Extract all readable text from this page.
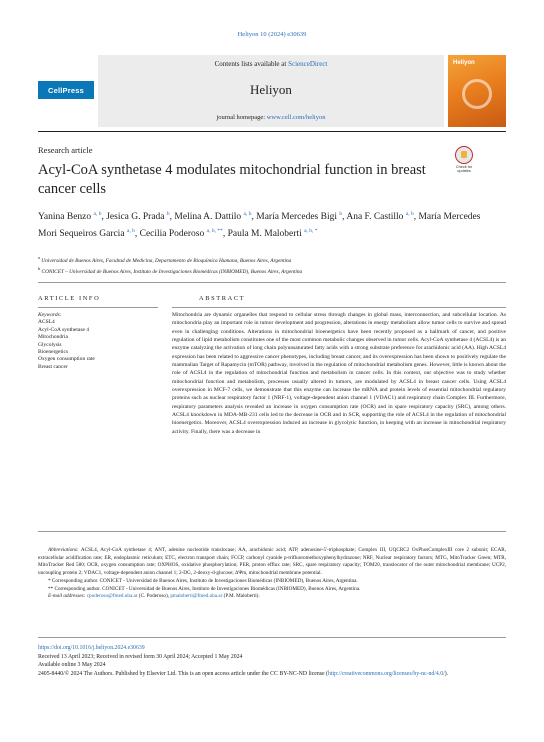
Heliyon 10 (2024) e30639
CellPress
Contents lists available at ScienceDirect
Heliyon
journal homepage: www.cell.com/heliyon
Heliyon
Research article
Acyl-CoA synthetase 4 modulates mitochondrial function in breast cancer cells
Check for updates
Yanina Benzo $^{a, b}$, Jesica G. Prada $^b$, Melina A. Dattilo $^{a, b}$, María Mercedes Bigi $^b$, Ana F. Castillo $^{a, b}$, María Mercedes Mori Sequeiros Garcia $^{a, b}$, Cecilia Poderoso $^{a, b, **}$, Paula M. Maloberti $^{a, b, *}$
$^a$ Universidad de Buenos Aires, Facultad de Medicina, Departamento de Bioquímica Humana, Buenos Aires, Argentina
$^b$ CONICET – Universidad de Buenos Aires, Instituto de Investigaciones Biomédicas (INBIOMED), Buenos Aires, Argentina
ARTICLE INFO	ABSTRACT
Keywords:
ACSL4
Acyl-CoA synthetase 4
Mitochondria
Glycolysis
Bioenergetics
Oxygen consumption rate
Breast cancer
Mitochondria are dynamic organelles that respond to cellular stress through changes in global mass, interconnection, and subcellular location. As mitochondria play an important role in tumor development and progression, alterations in energy metabolism allow tumor cells to survive and spread even in challenging conditions. Alterations in mitochondrial bioenergetics have been recently proposed as a hallmark of cancer, and positive regulation of lipid metabolism constitutes one of the most common metabolic changes observed in tumor cells. Acyl-CoA synthetase 4 (ACSL4) is an enzyme catalyzing the activation of long chain polyunsaturated fatty acids with a strong substrate preference for arachidonic acid (AA). High ACSL4 expression has been related to aggressive cancer phenotypes, including breast cancer, and its overexpression has been shown to positively regulate the mammalian Target of Rapamycin (mTOR) pathway, involved in the regulation of mitochondrial metabolism genes. However, little is known about the role of ACSL4 in the regulation of mitochondrial function and metabolism in cancer cells. In this context, our objective was to study whether mitochondrial function and metabolism, processes usually altered in tumors, are modulated by ACSL4 in breast cancer cells. Using ACSL4 overexpression in MCF-7 cells, we demonstrate that this enzyme can increase the mRNA and protein levels of essential mitochondrial regulatory proteins such as nuclear respiratory factor 1 (NRF-1), voltage-dependent anion channel 1 (VDAC1) and respiratory chain Complex III. Furthermore, respiratory parameters analysis revealed an increase in oxygen consumption rate (OCR) and in spare respiratory capacity (SRC), among others. ACSL4 knockdown in MDA-MB-231 cells led to the decrease in OCR and in SCR, supporting the role of ACSL4 in the regulation of mitochondrial bioenergetics. Moreover, ACSL4 overexpression induced an increase in glycolytic function, in keeping with an increase in mitochondrial respiratory activity. Finally, there was a decrease in

Abbreviations: ACSL4, Acyl-CoA synthetase 4; ANT, adenine nucleotide translocase; AA, arachidonic acid; ATP, adenosine-5'-triphosphate; Complex III, UQCRC2 OxPhosComplexIII core 2 subunit; ECAR, extracellular acidification rate; ER, endoplasmic reticulum; ETC, electron transport chain; FCCP, carbonyl cyanide p-trifluoromethoxyphenylhydrazone; NRF, Nuclear respiratory factors; MTG, MitoTracker Green; MTR, MitoTracker Red 580; OCR, oxygen consumption rate; OXPHOS, oxidative phosphorylation; PER, proton efflux rate; SRC, spare respiratory capacity; TOM20, translocator of the outer mitochondrial membrane; UCP2, uncoupling protein 2; VDAC1, voltage-dependent anion channel 1; 2-DG, 2-deoxy-d-glucose; ΔΨm, mitochondrial membrane potential.

* Corresponding author. CONICET - Universidad de Buenos Aires, Instituto de Investigaciones Biomédicas (INBIOMED), Buenos Aires, Argentina.

** Corresponding author. CONICET - Universidad de Buenos Aires, Instituto de Investigaciones Biomédicas (INBIOMED), Buenos Aires, Argentina.

E-mail addresses: cpoderoso@fmed.uba.ar (C. Poderoso), pmaloberti@fmed.uba.ar (P.M. Maloberti).

https://doi.org/10.1016/j.heliyon.2024.e30639
Received 13 April 2023; Received in revised form 30 April 2024; Accepted 1 May 2024
Available online 3 May 2024
2405-8440/© 2024 The Authors. Published by Elsevier Ltd. This is an open access article under the CC BY-NC-ND license (http://creativecommons.org/licenses/by-nc-nd/4.0/).
